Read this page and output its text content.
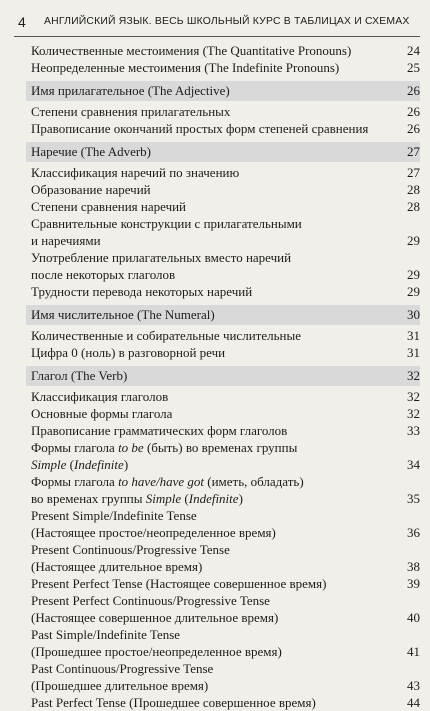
4 АНГЛИЙСКИЙ ЯЗЫК. ВЕСЬ ШКОЛЬНЫЙ КУРС В ТАБЛИЦАХ И СХЕМАХ
Количественные местоимения (The Quantitative Pronouns)	24
Неопределенные местоимения (The Indefinite Pronouns)	25
Имя прилагательное (The Adjective)	26
Степени сравнения прилагательных	26
Правописание окончаний простых форм степеней сравнения	26
Наречие (The Adverb)	27
Классификация наречий по значению	27
Образование наречий	28
Степени сравнения наречий	28
Сравнительные конструкции с прилагательными
и наречиями	29
Употребление прилагательных вместо наречий
после некоторых глаголов	29
Трудности перевода некоторых наречий	29
Имя числительное (The Numeral)	30
Количественные и собирательные числительные	31
Цифра 0 (ноль) в разговорной речи	31
Глагол (The Verb)	32
Классификация глаголов	32
Основные формы глагола	32
Правописание грамматических форм глаголов	33
Формы глагола to be (быть) во временах группы
Simple (Indefinite)	34
Формы глагола to have/have got (иметь, обладать)
во временах группы Simple (Indefinite)	35
Present Simple/Indefinite Tense
(Настоящее простое/неопределенное время)	36
Present Continuous/Progressive Tense
(Настоящее длительное время)	38
Present Perfect Tense (Настоящее совершенное время)	39
Present Perfect Continuous/Progressive Tense
(Настоящее совершенное длительное время)	40
Past Simple/Indefinite Tense
(Прошедшее простое/неопределенное время)	41
Past Continuous/Progressive Tense
(Прошедшее длительное время)	43
Past Perfect Tense (Прошедшее совершенное время)	44
